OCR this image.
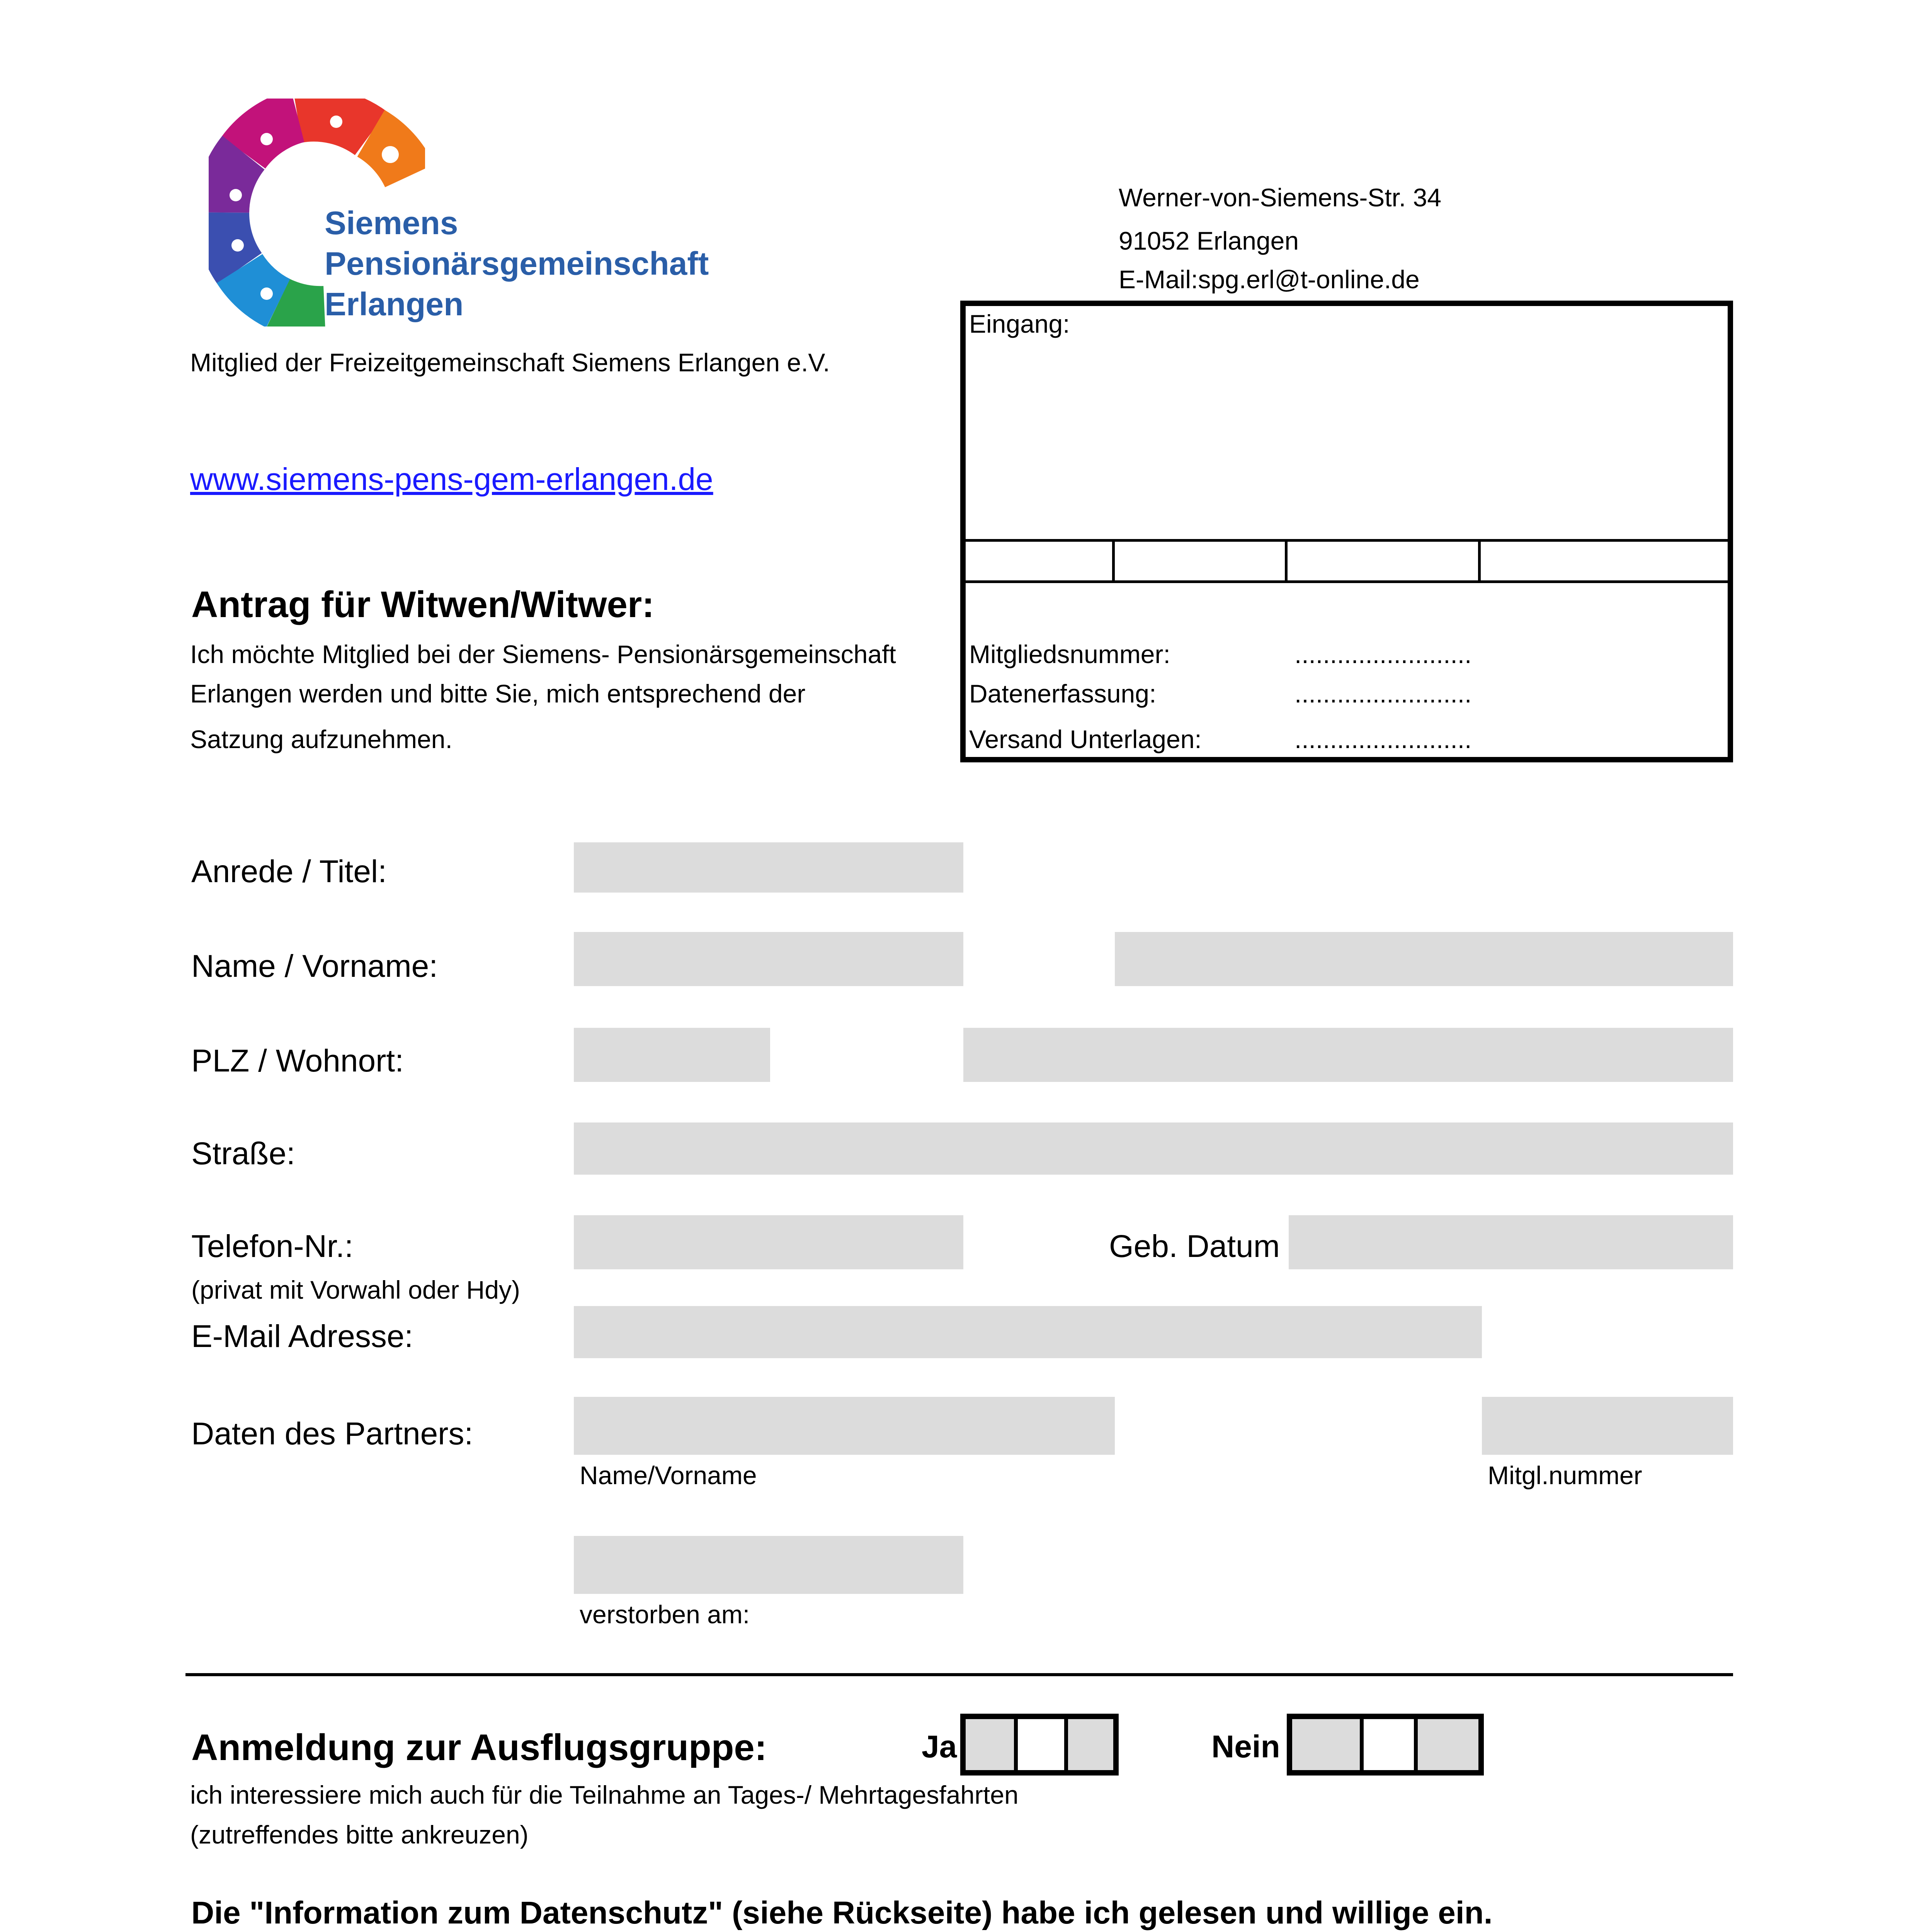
Siemens
Pensionärsgemeinschaft
Erlangen
Mitglied der Freizeitgemeinschaft Siemens Erlangen e.V.
www.siemens-pens-gem-erlangen.de
Werner-von-Siemens-Str. 34
91052 Erlangen
E-Mail:spg.erl@t-online.de
Eingang:
Mitgliedsnummer:	.........................
Datenerfassung:	.........................
Versand Unterlagen:	.........................
Antrag für Witwen/Witwer:
Ich möchte Mitglied bei der Siemens- Pensionärsgemeinschaft
Erlangen werden und bitte Sie, mich entsprechend der
Satzung aufzunehmen.
Anrede / Titel:
Name / Vorname:
PLZ / Wohnort:
Straße:
Telefon-Nr.:
(privat mit Vorwahl oder Hdy)
Geb. Datum
E-Mail Adresse:
Daten des Partners:
Name/Vorname	Mitgl.nummer
verstorben am:
Anmeldung zur Ausflugsgruppe:	Ja	Nein
ich interessiere mich auch für die Teilnahme an Tages-/ Mehrtagesfahrten
(zutreffendes bitte ankreuzen)
Die "Information zum Datenschutz" (siehe Rückseite) habe ich gelesen und willige ein.
